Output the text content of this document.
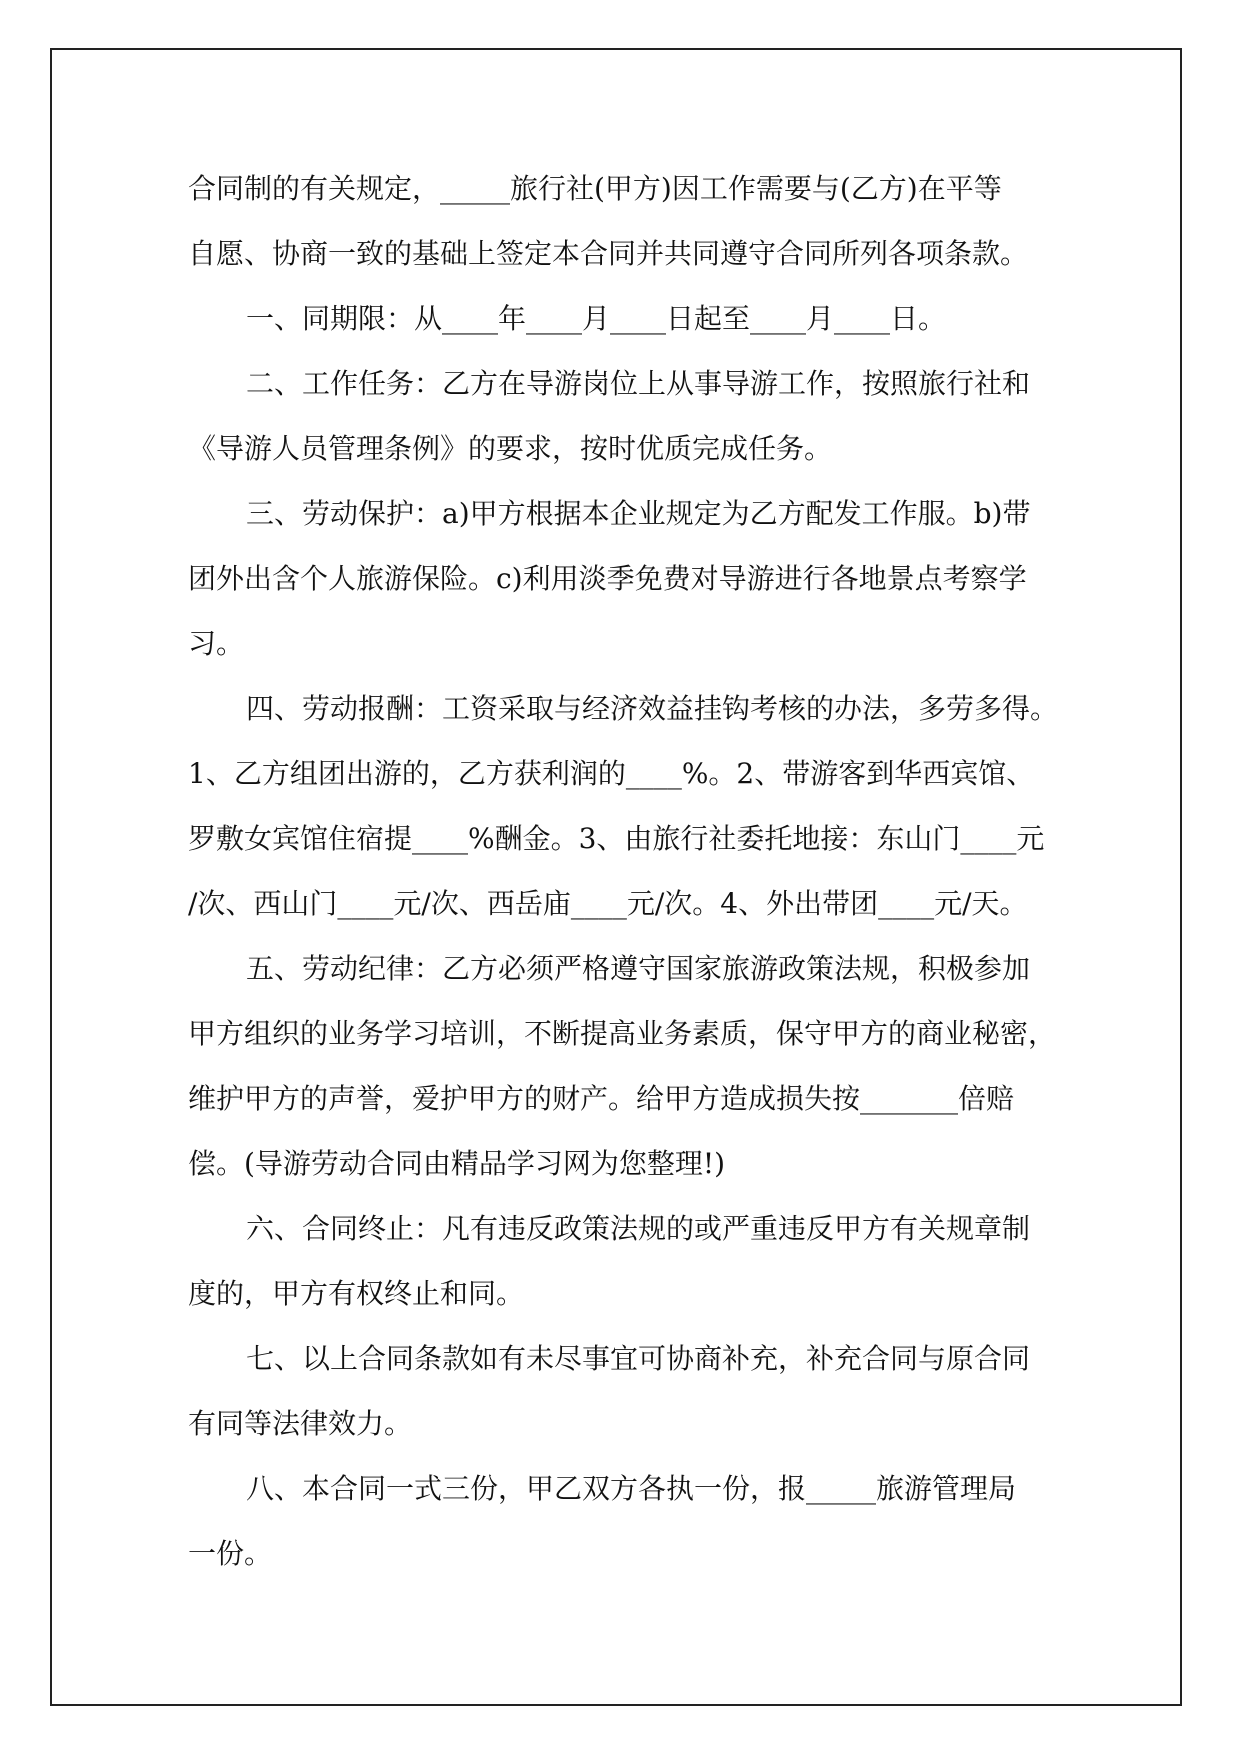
合同制的有关规定，_____旅行社(甲方)因工作需要与(乙方)在平等
自愿、协商一致的基础上签定本合同并共同遵守合同所列各项条款。
一、同期限：从____年____月____日起至____月____日。
二、工作任务：乙方在导游岗位上从事导游工作，按照旅行社和
《导游人员管理条例》的要求，按时优质完成任务。
三、劳动保护：a)甲方根据本企业规定为乙方配发工作服。b)带
团外出含个人旅游保险。c)利用淡季免费对导游进行各地景点考察学
习。
四、劳动报酬：工资采取与经济效益挂钩考核的办法，多劳多得。
1、乙方组团出游的，乙方获利润的____%。2、带游客到华西宾馆、
罗敷女宾馆住宿提____%酬金。3、由旅行社委托地接：东山门____元
/次、西山门____元/次、西岳庙____元/次。4、外出带团____元/天。
五、劳动纪律：乙方必须严格遵守国家旅游政策法规，积极参加
甲方组织的业务学习培训，不断提高业务素质，保守甲方的商业秘密，
维护甲方的声誉，爱护甲方的财产。给甲方造成损失按_______倍赔
偿。(导游劳动合同由精品学习网为您整理!)
六、合同终止：凡有违反政策法规的或严重违反甲方有关规章制
度的，甲方有权终止和同。
七、以上合同条款如有未尽事宜可协商补充，补充合同与原合同
有同等法律效力。
八、本合同一式三份，甲乙双方各执一份，报_____旅游管理局
一份。
